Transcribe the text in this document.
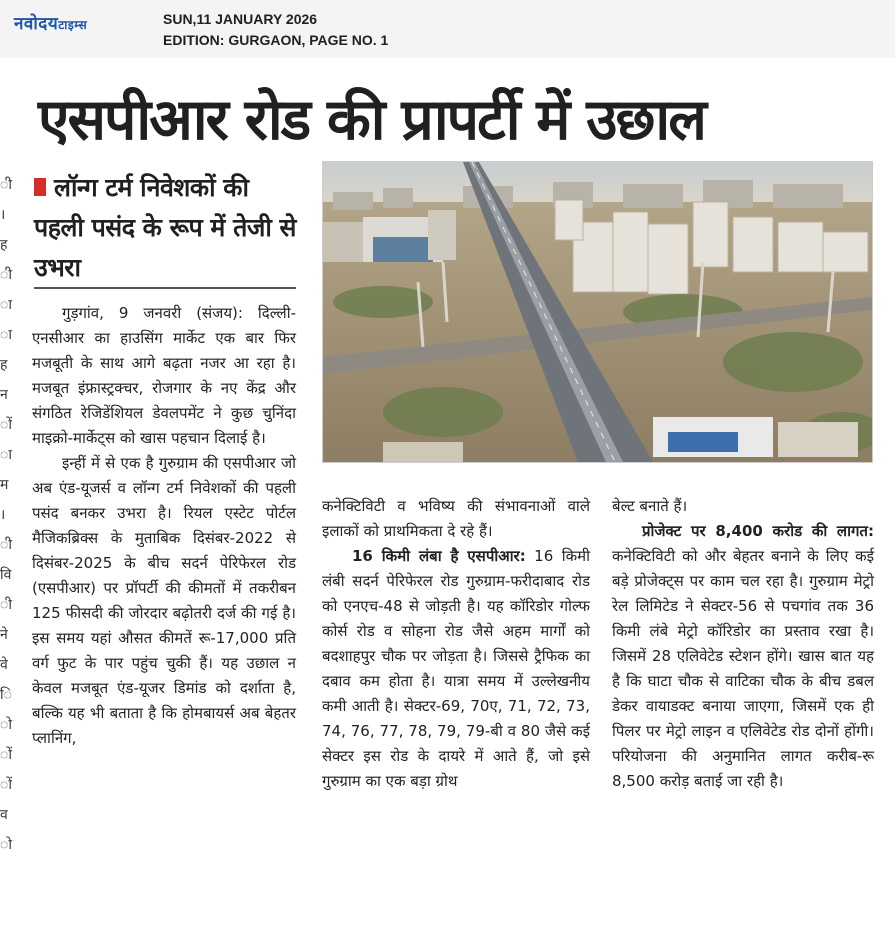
नवोदयटाइम्स	SUN,11 JANUARY 2026
EDITION: GURGAON, PAGE NO. 1
ी
।
ह
ी
ा
ा
ह
न
ों
ा
म
।
ी
वि
ी
ने
वे
ि
ो
ों
ों
व
ो
एसपीआर रोड की प्रापर्टी में उछाल
लॉन्ग टर्म निवेशकों की पहली पसंद के रूप में तेजी से उभरा

गुड़गांव, 9 जनवरी (संजय): दिल्ली-एनसीआर का हाउसिंग मार्केट एक बार फिर मजबूती के साथ आगे बढ़ता नजर आ रहा है। मजबूत इंफ्रास्ट्रक्चर, रोजगार के नए केंद्र और संगठित रेजिडेंशियल डेवलपमेंट ने कुछ चुनिंदा माइक्रो-मार्केट्स को खास पहचान दिलाई है।

इन्हीं में से एक है गुरुग्राम की एसपीआर जो अब एंड-यूजर्स व लॉन्ग टर्म निवेशकों की पहली पसंद बनकर उभरा है। रियल एस्टेट पोर्टल मैजिकब्रिक्स के मुताबिक दिसंबर-2022 से दिसंबर-2025 के बीच सदर्न पेरिफेरल रोड (एसपीआर) पर प्रॉपर्टी की कीमतों में तकरीबन 125 फीसदी की जोरदार बढ़ोतरी दर्ज की गई है। इस समय यहां औसत कीमतें रू-17,000 प्रति वर्ग फुट के पार पहुंच चुकी हैं। यह उछाल न केवल मजबूत एंड-यूजर डिमांड को दर्शाता है, बल्कि यह भी बताता है कि होमबायर्स अब बेहतर प्लानिंग,

कनेक्टिविटी व भविष्य की संभावनाओं वाले इलाकों को प्राथमिकता दे रहे हैं।

16 किमी लंबा है एसपीआर: 16 किमी लंबी सदर्न पेरिफेरल रोड गुरुग्राम-फरीदाबाद रोड को एनएच-48 से जोड़ती है। यह कॉरिडोर गोल्फ कोर्स रोड व सोहना रोड जैसे अहम मार्गों को बदशाहपुर चौक पर जोड़ता है। जिससे ट्रैफिक का दबाव कम होता है। यात्रा समय में उल्लेखनीय कमी आती है। सेक्टर-69, 70ए, 71, 72, 73, 74, 76, 77, 78, 79, 79-बी व 80 जैसे कई सेक्टर इस रोड के दायरे में आते हैं, जो इसे गुरुग्राम का एक बड़ा ग्रोथ

बेल्ट बनाते हैं।

प्रोजेक्ट पर 8,400 करोड की लागत: कनेक्टिविटी को और बेहतर बनाने के लिए कई बड़े प्रोजेक्ट्स पर काम चल रहा है। गुरुग्राम मेट्रो रेल लिमिटेड ने सेक्टर-56 से पचगांव तक 36 किमी लंबे मेट्रो कॉरिडोर का प्रस्ताव रखा है। जिसमें 28 एलिवेटेड स्टेशन होंगे। खास बात यह है कि घाटा चौक से वाटिका चौक के बीच डबल डेकर वायाडक्ट बनाया जाएगा, जिसमें एक ही पिलर पर मेट्रो लाइन व एलिवेटेड रोड दोनों होंगी। परियोजना की अनुमानित लागत करीब-रू 8,500 करोड़ बताई जा रही है।
